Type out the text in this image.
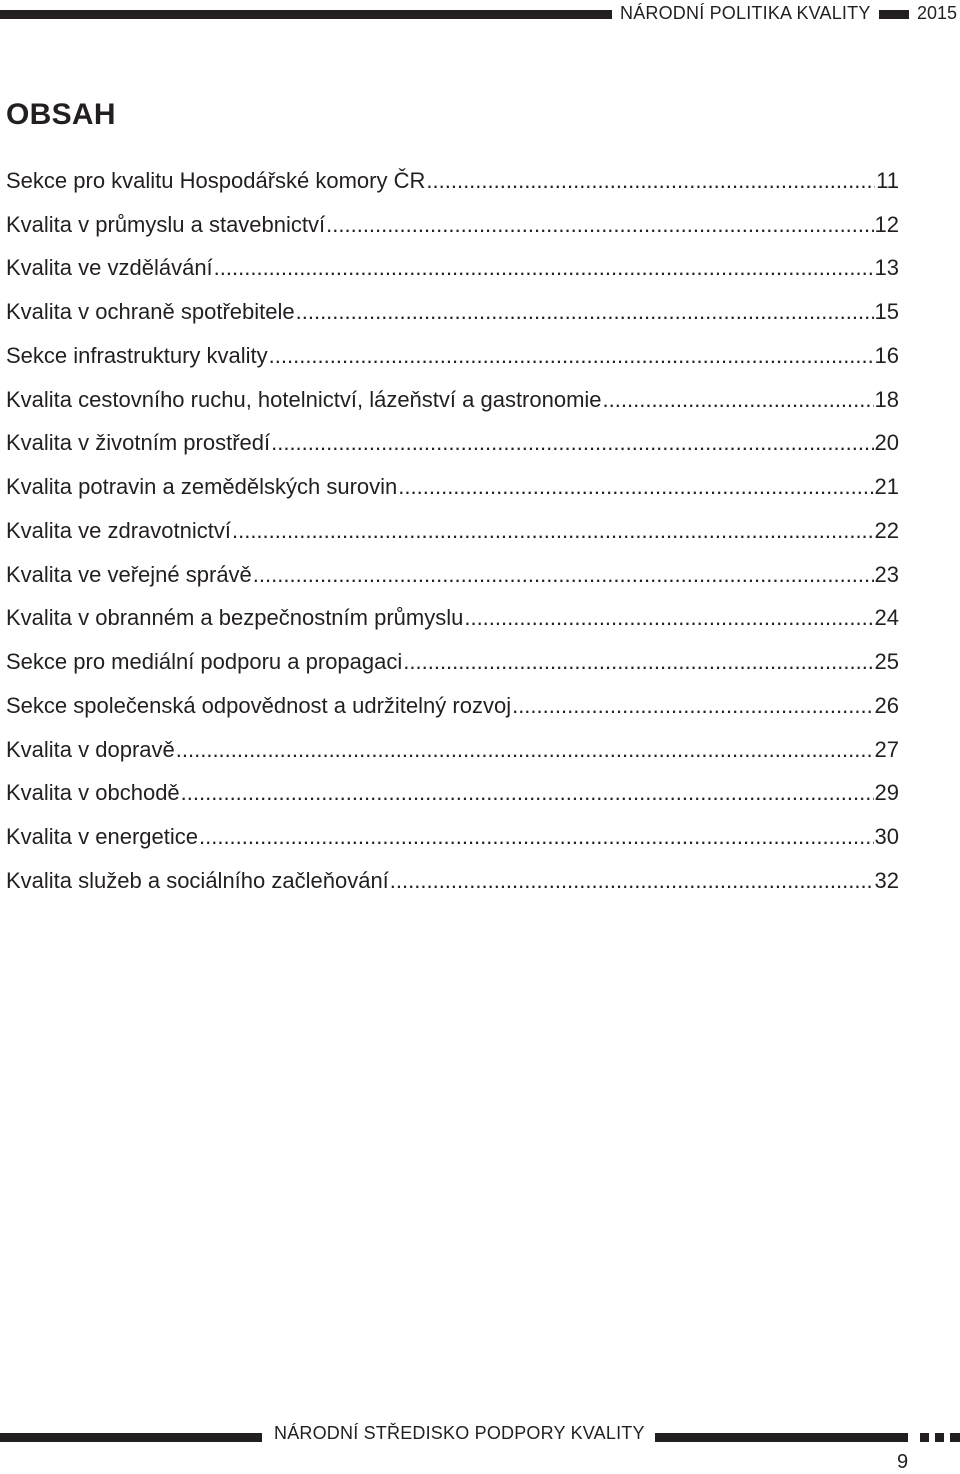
NÁRODNÍ POLITIKA KVALITY	2015
OBSAH
Sekce pro kvalitu Hospodářské komory ČR .....	11
Kvalita v průmyslu a stavebnictví .....	12
Kvalita ve vzdělávání .....	13
Kvalita v ochraně spotřebitele .....	15
Sekce infrastruktury kvality .....	16
Kvalita cestovního ruchu, hotelnictví, lázeňství a gastronomie .....	18
Kvalita v životním prostředí .....	20
Kvalita potravin a zemědělských surovin .....	21
Kvalita ve zdravotnictví .....	22
Kvalita ve veřejné správě .....	23
Kvalita v obranném a bezpečnostním průmyslu .....	24
Sekce pro mediální podporu a propagaci .....	25
Sekce společenská odpovědnost a udržitelný rozvoj .....	26
Kvalita v dopravě .....	27
Kvalita v obchodě .....	29
Kvalita v energetice .....	30
Kvalita služeb a sociálního začleňování .....	32
NÁRODNÍ STŘEDISKO PODPORY KVALITY
9
